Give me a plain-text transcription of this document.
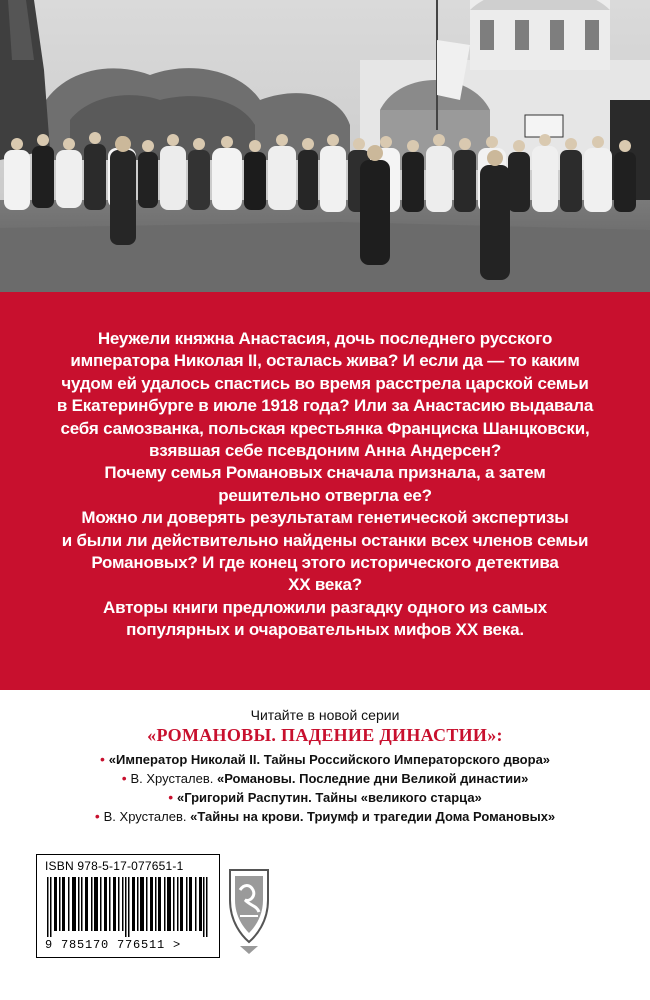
Неужели княжна Анастасия, дочь последнего русского
императора Николая II, осталась жива? И если да — то каким
чудом ей удалось спастись во время расстрела царской семьи
в Екатеринбурге в июле 1918 года? Или за Анастасию выдавала
себя самозванка, польская крестьянка Франциска Шанцковски,
взявшая себе псевдоним Анна Андерсен?
Почему семья Романовых сначала признала, а затем
решительно отвергла ее?
Можно ли доверять результатам генетической экспертизы
и были ли действительно найдены останки всех членов семьи
Романовых? И где конец этого исторического детектива
XX века?
Авторы книги предложили разгадку одного из самых
популярных и очаровательных мифов XX века.
Читайте в новой серии
«РОМАНОВЫ. ПАДЕНИЕ ДИНАСТИИ»:
• «Император Николай II. Тайны Российского Императорского двора»
• В. Хрусталев. «Романовы. Последние дни Великой династии»
• «Григорий Распутин. Тайны «великого старца»
• В. Хрусталев. «Тайны на крови. Триумф и трагедии Дома Романовых»
ISBN 978-5-17-077651-1
9 785170 776511 >
